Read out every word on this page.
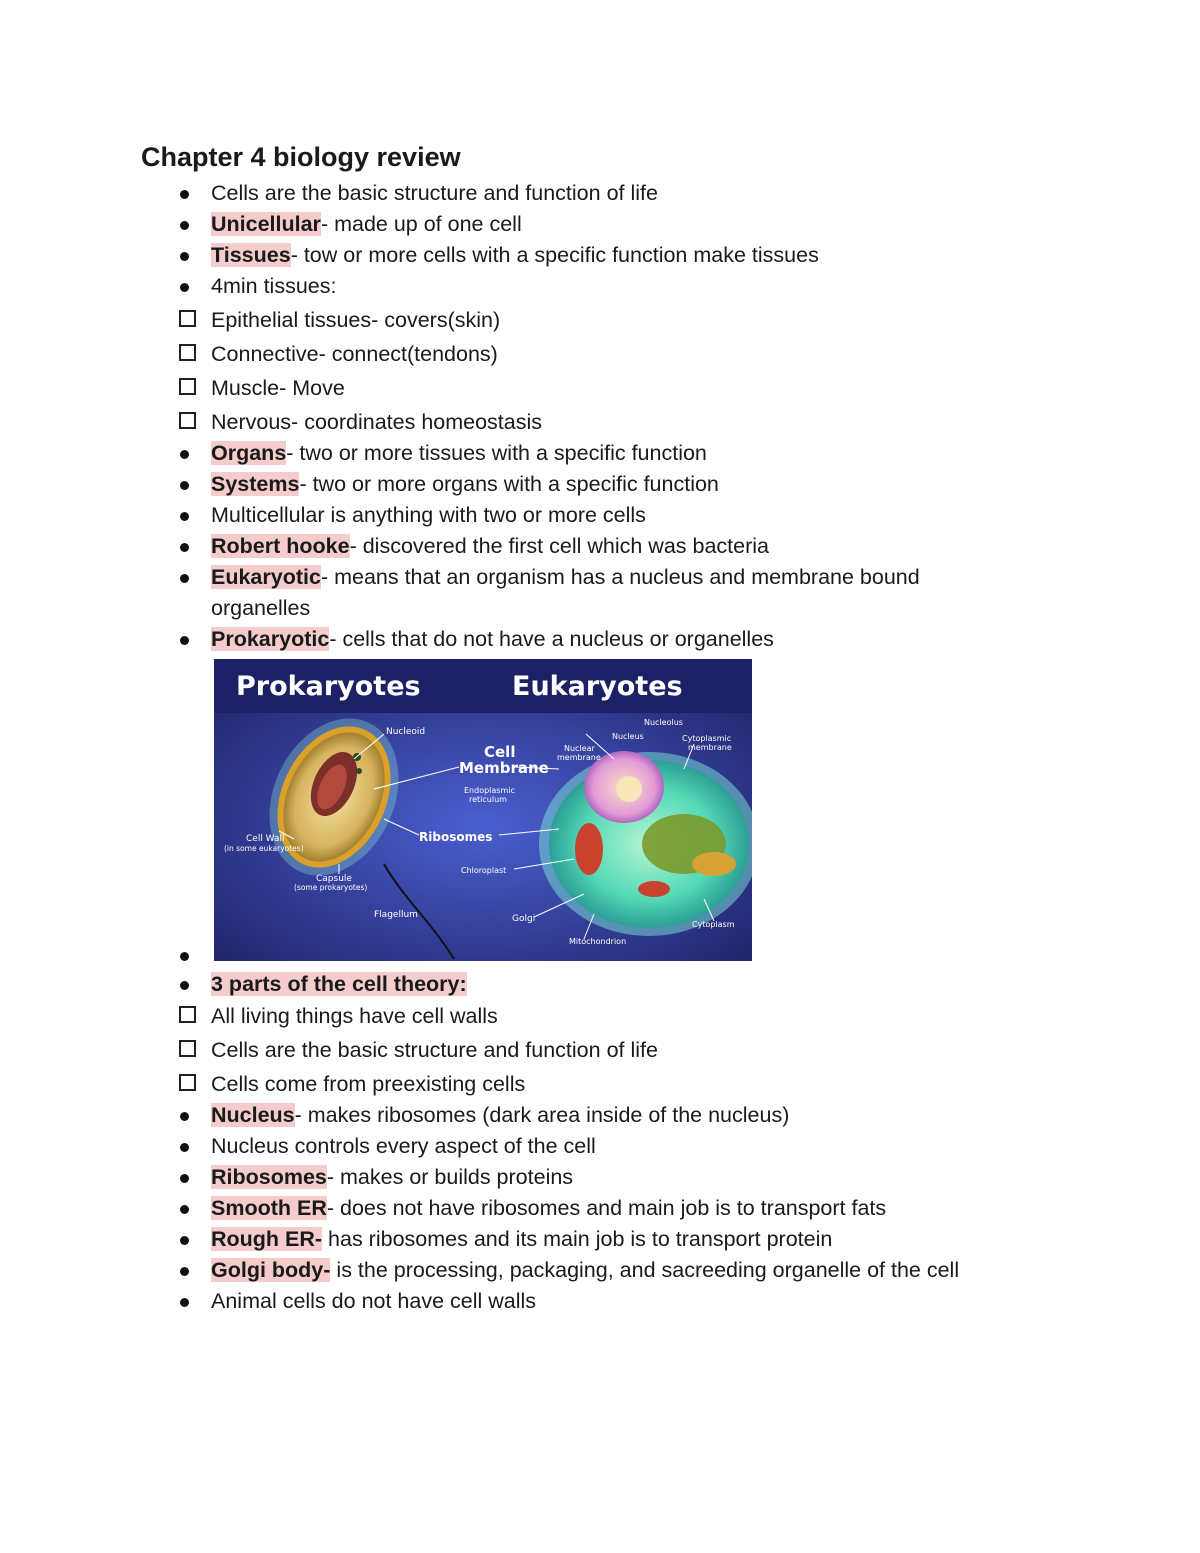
Chapter 4 biology review
Cells are the basic structure and function of life
Unicellular- made up of one cell
Tissues- tow or more cells with a specific function make tissues
4min tissues:
Epithelial tissues- covers(skin)
Connective- connect(tendons)
Muscle- Move
Nervous- coordinates homeostasis
Organs- two or more tissues with a specific function
Systems- two or more organs with a specific function
Multicellular is anything with two or more cells
Robert hooke- discovered the first cell which was bacteria
Eukaryotic- means that an organism has a nucleus and membrane bound organelles
Prokaryotic- cells that do not have a nucleus or organelles
Prokaryotes	Eukaryotes
Nucleoid
Cell
Membrane
Cell Wall
(in some eukaryotes)
Capsule
(some prokaryotes)
Flagellum
Ribosomes
Nucleolus
Nucleus
Nuclear
membrane
Cytoplasmic
membrane
Endoplasmic
reticulum
Chloroplast
Golgi
Mitochondrion
Cytoplasm
3 parts of the cell theory:
All living things have cell walls
Cells are the basic structure and function of life
Cells come from preexisting cells
Nucleus- makes ribosomes (dark area inside of the nucleus)
Nucleus controls every aspect of the cell
Ribosomes- makes or builds proteins
Smooth ER- does not have ribosomes and main job is to transport fats
Rough ER- has ribosomes and its main job is to transport protein
Golgi body- is the processing, packaging, and sacreeding organelle of the cell
Animal cells do not have cell walls
